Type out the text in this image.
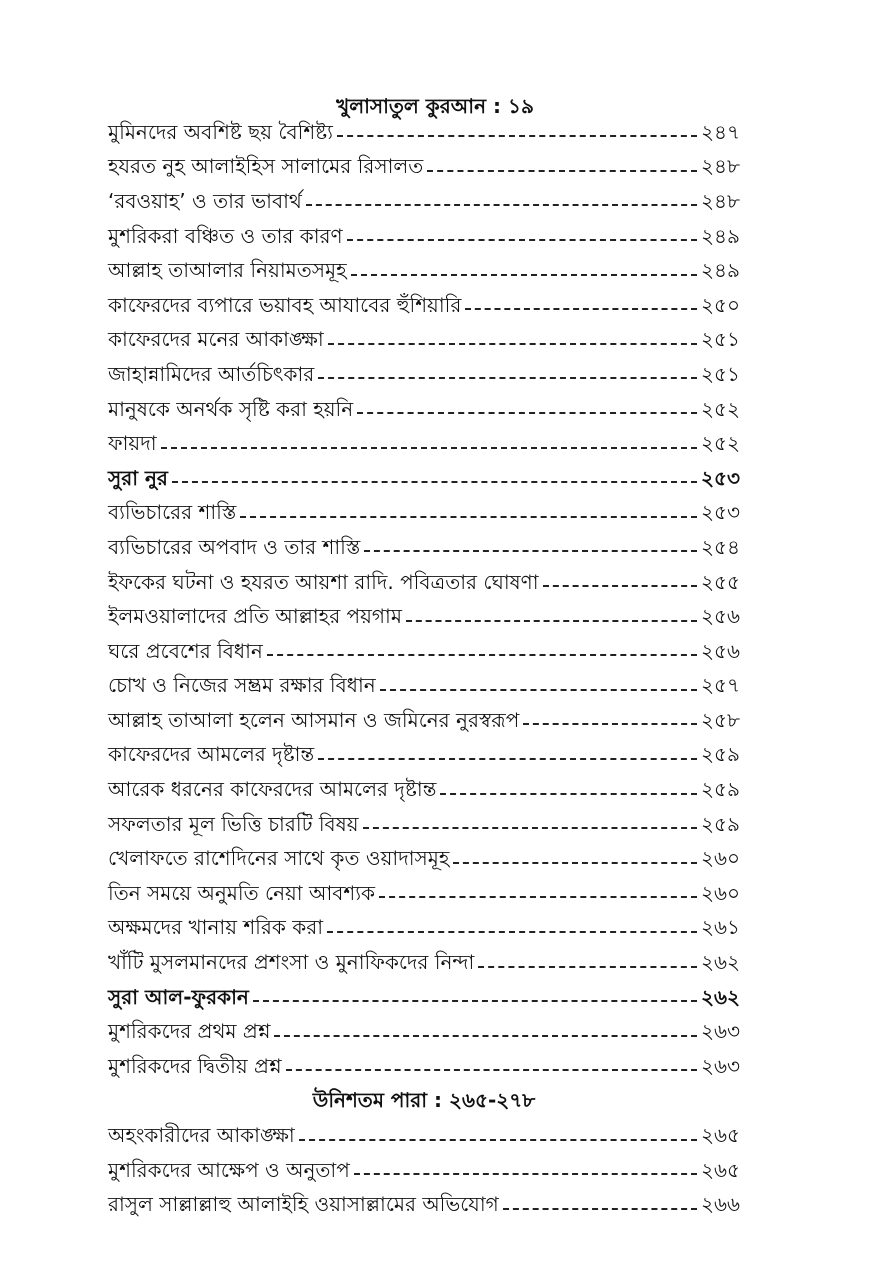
খুলাসাতুল কুরআন : ১৯
মুমিনদের অবশিষ্ট ছয় বৈশিষ্ট্য	২৪৭
হযরত নুহ আলাইহিস সালামের রিসালত	২৪৮
‘রবওয়াহ’ ও তার ভাবার্থ	২৪৮
মুশরিকরা বঞ্চিত ও তার কারণ	২৪৯
আল্লাহ তাআলার নিয়ামতসমূহ	২৪৯
কাফেরদের ব্যপারে ভয়াবহ আযাবের হুঁশিয়ারি	২৫০
কাফেরদের মনের আকাঙ্ক্ষা	২৫১
জাহান্নামিদের আর্তচিৎকার	২৫১
মানুষকে অনর্থক সৃষ্টি করা হয়নি	২৫২
ফায়দা	২৫২
সুরা নুর	২৫৩
ব্যভিচারের শাস্তি	২৫৩
ব্যভিচারের অপবাদ ও তার শাস্তি	২৫৪
ইফকের ঘটনা ও হযরত আয়শা রাদি. পবিত্রতার ঘোষণা	২৫৫
ইলমওয়ালাদের প্রতি আল্লাহর পয়গাম	২৫৬
ঘরে প্রবেশের বিধান	২৫৬
চোখ ও নিজের সম্ভ্রম রক্ষার বিধান	২৫৭
আল্লাহ তাআলা হলেন আসমান ও জমিনের নুরস্বরূপ	২৫৮
কাফেরদের আমলের দৃষ্টান্ত	২৫৯
আরেক ধরনের কাফেরদের আমলের দৃষ্টান্ত	২৫৯
সফলতার মূল ভিত্তি চারটি বিষয়	২৫৯
খেলাফতে রাশেদিনের সাথে কৃত ওয়াদাসমূহ	২৬০
তিন সময়ে অনুমতি নেয়া আবশ্যক	২৬০
অক্ষমদের খানায় শরিক করা	২৬১
খাঁটি মুসলমানদের প্রশংসা ও মুনাফিকদের নিন্দা	২৬২
সুরা আল-ফুরকান	২৬২
মুশরিকদের প্রথম প্রশ্ন	২৬৩
মুশরিকদের দ্বিতীয় প্রশ্ন	২৬৩
উনিশতম পারা : ২৬৫-২৭৮
অহংকারীদের আকাঙ্ক্ষা	২৬৫
মুশরিকদের আক্ষেপ ও অনুতাপ	২৬৫
রাসুল সাল্লাল্লাহু আলাইহি ওয়াসাল্লামের অভিযোগ	২৬৬
